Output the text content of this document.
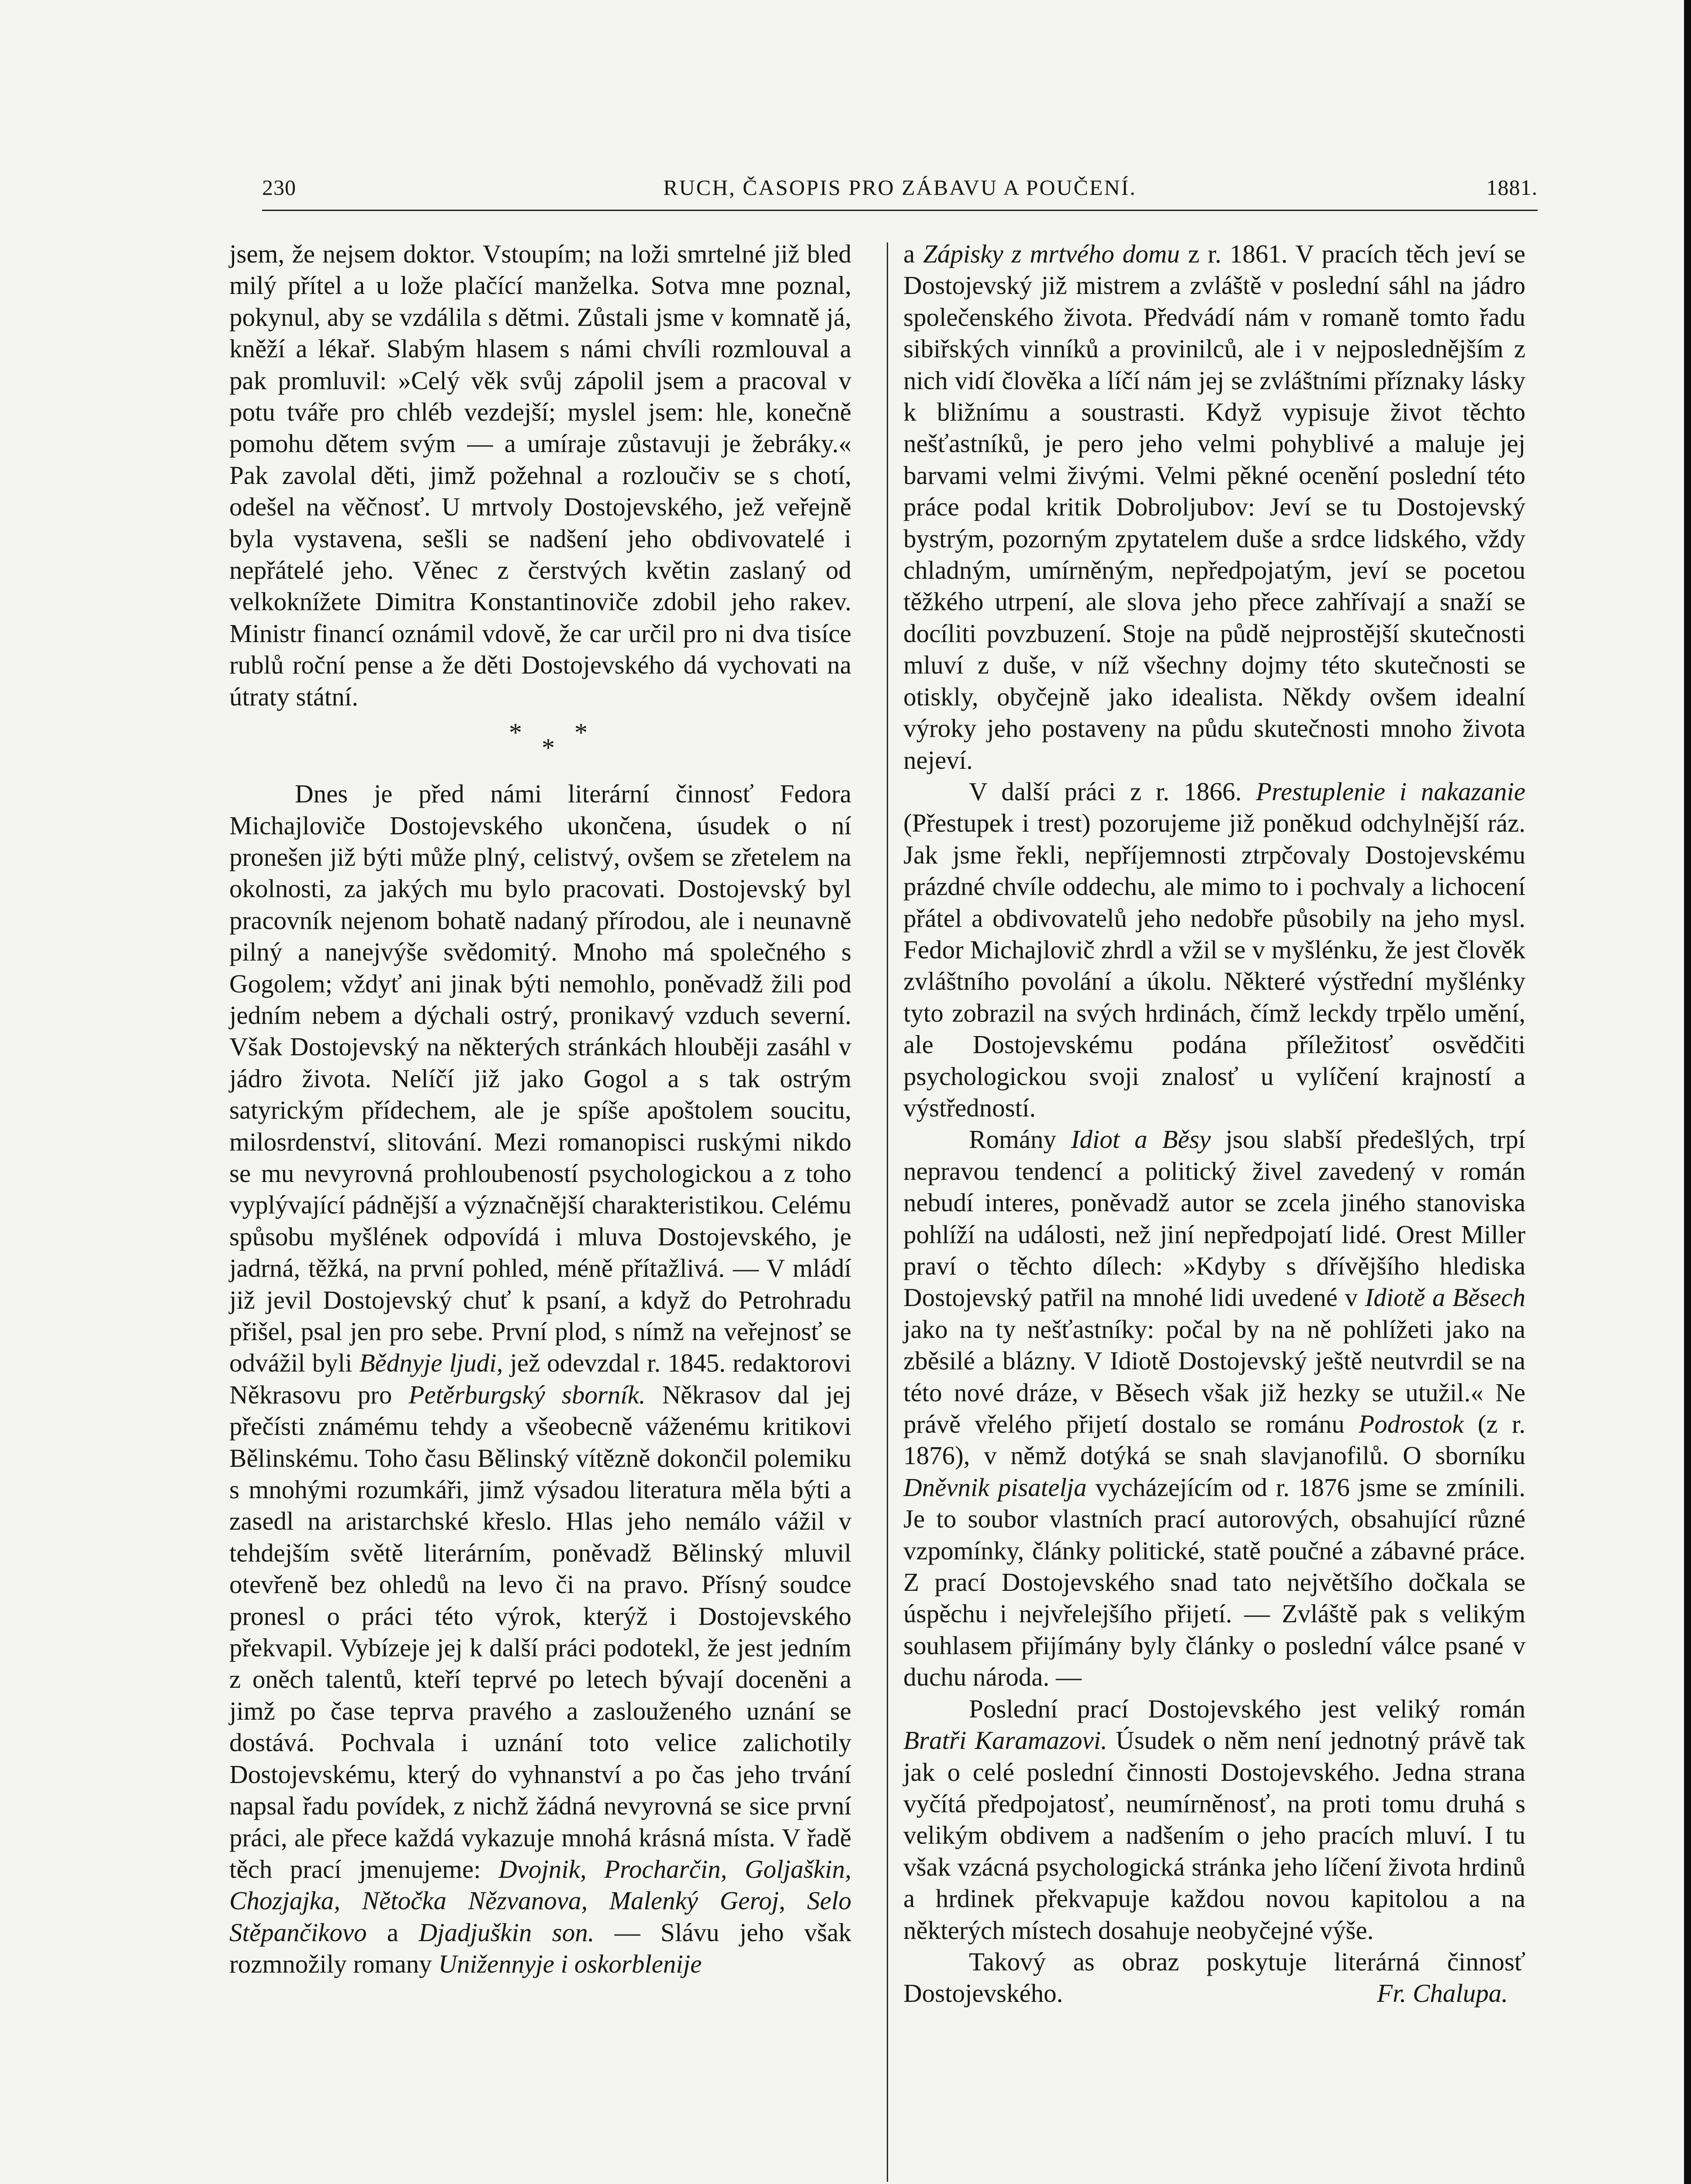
230	RUCH, ČASOPIS PRO ZÁBAVU A POUČENÍ.	1881.

jsem, že nejsem doktor. Vstoupím; na loži smrtelné již bled milý přítel a u lože plačící manželka. Sotva mne poznal, pokynul, aby se vzdálila s dětmi. Zůstali jsme v komnatě já, kněží a lékař. Slabým hlasem s námi chvíli rozmlouval a pak promluvil: »Celý věk svůj zápolil jsem a pracoval v potu tváře pro chléb vezdejší; myslel jsem: hle, konečně pomohu dětem svým — a umíraje zůstavuji je žebráky.« Pak zavolal děti, jimž požehnal a rozloučiv se s chotí, odešel na věčnosť. U mrtvoly Dostojevského, jež veřejně byla vystavena, sešli se nadšení jeho obdivovatelé i nepřátelé jeho. Věnec z čerstvých květin zaslaný od velkoknížete Dimitra Konstantinoviče zdobil jeho rakev. Ministr financí oznámil vdově, že car určil pro ni dva tisíce rublů roční pense a že děti Dostojevského dá vychovati na útraty státní.

*
*
*

Dnes je před námi literární činnosť Fedora Michajloviče Dostojevského ukončena, úsudek o ní pronešen již býti může plný, celistvý, ovšem se zřetelem na okolnosti, za jakých mu bylo pracovati. Dostojevský byl pracovník nejenom bohatě nadaný přírodou, ale i neunavně pilný a nanejvýše svědomitý. Mnoho má společného s Gogolem; vždyť ani jinak býti nemohlo, poněvadž žili pod jedním nebem a dýchali ostrý, pronikavý vzduch severní. Však Dostojevský na některých stránkách hlouběji zasáhl v jádro života. Nelíčí již jako Gogol a s tak ostrým satyrickým přídechem, ale je spíše apoštolem soucitu, milosrdenství, slitování. Mezi romanopisci ruskými nikdo se mu nevyrovná prohloubeností psychologickou a z toho vyplývající pádnější a význačnější charakteristikou. Celému spůsobu myšlének odpovídá i mluva Dostojevského, je jadrná, těžká, na první pohled, méně přítažlivá. — V mládí již jevil Dostojevský chuť k psaní, a když do Petrohradu přišel, psal jen pro sebe. První plod, s nímž na veřejnosť se odvážil byli Bědnyje ljudi, jež odevzdal r. 1845. redaktorovi Někrasovu pro Petěrburgský sborník. Někrasov dal jej přečísti známému tehdy a všeobecně váženému kritikovi Bělinskému. Toho času Bělinský vítězně dokončil polemiku s mnohými rozumkáři, jimž výsadou literatura měla býti a zasedl na aristarchské křeslo. Hlas jeho nemálo vážil v tehdejším světě literárním, poněvadž Bělinský mluvil otevřeně bez ohledů na levo či na pravo. Přísný soudce pronesl o práci této výrok, kterýž i Dostojevského překvapil. Vybízeje jej k další práci podotekl, že jest jedním z oněch talentů, kteří teprvé po letech bývají doceněni a jimž po čase teprva pravého a zaslouženého uznání se dostává. Pochvala i uznání toto velice zalichotily Dostojevskému, který do vyhnanství a po čas jeho trvání napsal řadu povídek, z nichž žádná nevyrovná se sice první práci, ale přece každá vykazuje mnohá krásná místa. V řadě těch prací jmenujeme: Dvojnik, Procharčin, Goljaškin, Chozjajka, Nětočka Nězvanova, Malenký Geroj, Selo Stěpančikovo a Djadjuškin son. — Slávu jeho však rozmnožily romany Unižennyje i oskorblenije

a Zápisky z mrtvého domu z r. 1861. V pracích těch jeví se Dostojevský již mistrem a zvláště v poslední sáhl na jádro společenského života. Předvádí nám v romaně tomto řadu sibiřských vinníků a provinilců, ale i v nejposlednějším z nich vidí člověka a líčí nám jej se zvláštními příznaky lásky k bližnímu a soustrasti. Když vypisuje život těchto nešťastníků, je pero jeho velmi pohyblivé a maluje jej barvami velmi živými. Velmi pěkné ocenění poslední této práce podal kritik Dobroljubov: Jeví se tu Dostojevský bystrým, pozorným zpytatelem duše a srdce lidského, vždy chladným, umírněným, nepředpojatým, jeví se pocetou těžkého utrpení, ale slova jeho přece zahřívají a snaží se docíliti povzbuzení. Stoje na půdě nejprostější skutečnosti mluví z duše, v níž všechny dojmy této skutečnosti se otiskly, obyčejně jako idealista. Někdy ovšem idealní výroky jeho postaveny na půdu skutečnosti mnoho života nejeví.

V další práci z r. 1866. Prestuplenie i nakazanie (Přestupek i trest) pozorujeme již poněkud odchylnější ráz. Jak jsme řekli, nepříjemnosti ztrpčovaly Dostojevskému prázdné chvíle oddechu, ale mimo to i pochvaly a lichocení přátel a obdivovatelů jeho nedobře působily na jeho mysl. Fedor Michajlovič zhrdl a vžil se v myšlénku, že jest člověk zvláštního povolání a úkolu. Některé výstřední myšlénky tyto zobrazil na svých hrdinách, čímž leckdy trpělo umění, ale Dostojevskému podána příležitosť osvědčiti psychologickou svoji znalosť u vylíčení krajností a výstředností.

Romány Idiot a Běsy jsou slabší předešlých, trpí nepravou tendencí a politický živel zavedený v román nebudí interes, poněvadž autor se zcela jiného stanoviska pohlíží na události, než jiní nepředpojatí lidé. Orest Miller praví o těchto dílech: »Kdyby s dřívějšího hlediska Dostojevský patřil na mnohé lidi uvedené v Idiotě a Běsech jako na ty nešťastníky: počal by na ně pohlížeti jako na zběsilé a blázny. V Idiotě Dostojevský ještě neutvrdil se na této nové dráze, v Běsech však již hezky se utužil.« Ne právě vřelého přijetí dostalo se románu Podrostok (z r. 1876), v němž dotýká se snah slavjanofilů. O sborníku Dněvnik pisatelja vycházejícím od r. 1876 jsme se zmínili. Je to soubor vlastních prací autorových, obsahující různé vzpomínky, články politické, statě poučné a zábavné práce. Z prací Dostojevského snad tato největšího dočkala se úspěchu i nejvřelejšího přijetí. — Zvláště pak s velikým souhlasem přijímány byly články o poslední válce psané v duchu národa. —

Poslední prací Dostojevského jest veliký román Bratři Karamazovi. Úsudek o něm není jednotný právě tak jak o celé poslední činnosti Dostojevského. Jedna strana vyčítá předpojatosť, neumírněnosť, na proti tomu druhá s velikým obdivem a nadšením o jeho pracích mluví. I tu však vzácná psychologická stránka jeho líčení života hrdinů a hrdinek překvapuje každou novou kapitolou a na některých místech dosahuje neobyčejné výše.

Takový as obraz poskytuje literárná činnosť Dostojevského.	Fr. Chalupa.
